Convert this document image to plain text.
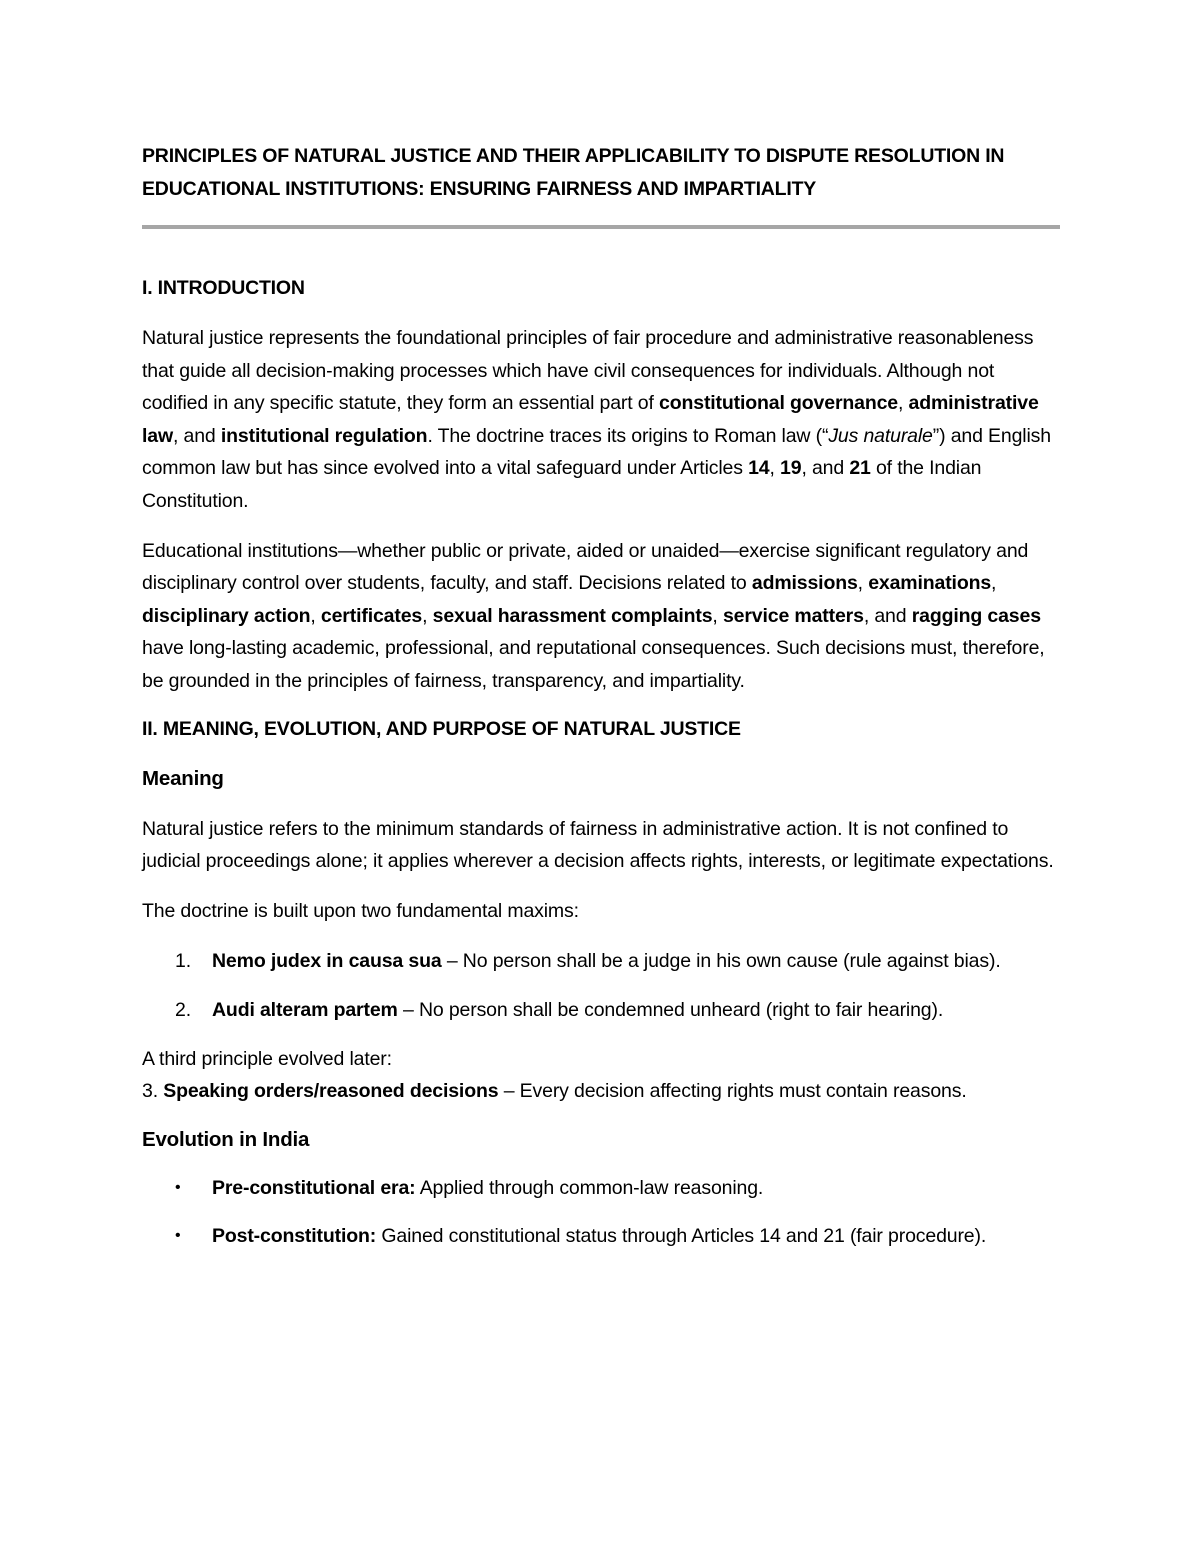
PRINCIPLES OF NATURAL JUSTICE AND THEIR APPLICABILITY TO DISPUTE RESOLUTION IN
EDUCATIONAL INSTITUTIONS: ENSURING FAIRNESS AND IMPARTIALITY
I. INTRODUCTION

Natural justice represents the foundational principles of fair procedure and administrative reasonableness that guide all decision-making processes which have civil consequences for individuals. Although not codified in any specific statute, they form an essential part of constitutional governance, administrative law, and institutional regulation. The doctrine traces its origins to Roman law (“Jus naturale”) and English common law but has since evolved into a vital safeguard under Articles 14, 19, and 21 of the Indian Constitution.

Educational institutions—whether public or private, aided or unaided—exercise significant regulatory and disciplinary control over students, faculty, and staff. Decisions related to admissions, examinations, disciplinary action, certificates, sexual harassment complaints, service matters, and ragging cases have long-lasting academic, professional, and reputational consequences. Such decisions must, therefore, be grounded in the principles of fairness, transparency, and impartiality.

II. MEANING, EVOLUTION, AND PURPOSE OF NATURAL JUSTICE
Meaning

Natural justice refers to the minimum standards of fairness in administrative action. It is not confined to judicial proceedings alone; it applies wherever a decision affects rights, interests, or legitimate expectations.

The doctrine is built upon two fundamental maxims:

1. Nemo judex in causa sua – No person shall be a judge in his own cause (rule against bias).
2. Audi alteram partem – No person shall be condemned unheard (right to fair hearing).

A third principle evolved later:
3. Speaking orders/reasoned decisions – Every decision affecting rights must contain reasons.

Evolution in India
• Pre-constitutional era: Applied through common-law reasoning.
• Post-constitution: Gained constitutional status through Articles 14 and 21 (fair procedure).
